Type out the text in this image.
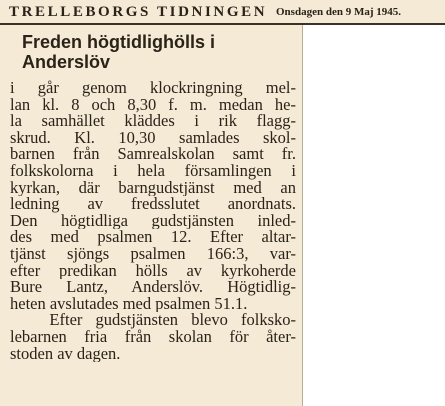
TRELLEBORGS TIDNINGEN Onsdagen den 9 Maj 1945.
Freden högtidlighölls i Anderslöv
i går genom klockringning mel-
lan kl. 8 och 8,30 f. m. medan he-
la samhället kläddes i rik flagg-
skrud. Kl. 10,30 samlades skol-
barnen från Samrealskolan samt fr.
folkskolorna i hela församlingen i
kyrkan, där barngudstjänst med an
ledning av fredsslutet anordnats.
Den högtidliga gudstjänsten inled-
des med psalmen 12. Efter altar-
tjänst sjöngs psalmen 166:3, var-
efter predikan hölls av kyrkoherde
Bure Lantz, Anderslöv. Högtidlig-
heten avslutades med psalmen 51.1.
Efter gudstjänsten blevo folksko-
lebarnen fria från skolan för åter-
stoden av dagen.
